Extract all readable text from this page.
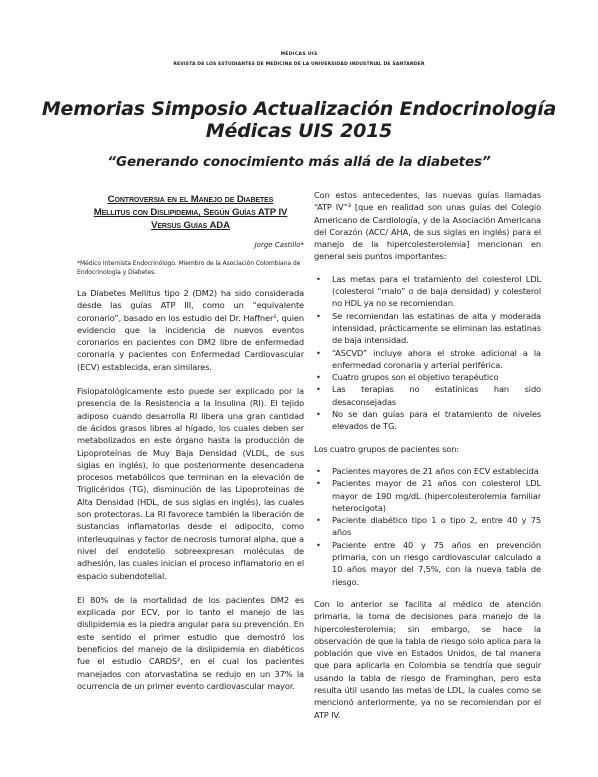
MÉDICAS UIS
REVISTA DE LOS ESTUDIANTES DE MEDICINA DE LA UNIVERSIDAD INDUSTRIAL DE SANTANDER
Memorias Simposio Actualización Endocrinología
Médicas UIS 2015
“Generando conocimiento más allá de la diabetes”
Controversia en el Manejo de Diabetes
Mellitus con Dislipidemia, Según Guías ATP IV
Versus Guías ADA

Jorge Castillo*

*Médico Internista Endocrinólogo. Miembro de la Asociación Colombiana de Endocrinología y Diabetes.

La Diabetes Mellitus tipo 2 (DM2) ha sido considerada desde las guías ATP III, como un “equivalente coronario”, basado en los estudio del Dr. Haffner¹, quien evidencio que la incidencia de nuevos eventos coronarios en pacientes con DM2 libre de enfermedad coronaria y pacientes con Enfermedad Cardiovascular (ECV) establecida, eran similares.

Fisiopatológicamente esto puede ser explicado por la presencia de la Resistencia a la Insulina (RI). El tejido adiposo cuando desarrolla RI libera una gran cantidad de ácidos grasos libres al hígado, los cuales deben ser metabolizados en este órgano hasta la producción de Lipoproteínas de Muy Baja Densidad (VLDL, de sus siglas en inglés), lo que posteriormente desencadena procesos metabólicos que terminan en la elevación de Triglicéridos (TG), disminución de las Lipoproteínas de Alta Densidad (HDL, de sus siglas en inglés), las cuales son protectoras. La RI favorece también la liberación de sustancias inflamatorias desde el adipocito, como interleuquinas y factor de necrosis tumoral alpha, que a nivel del endotelio sobreexpresan moléculas de adhesión, las cuales inician el proceso inflamatorio en el espacio subendotelial.

El 80% de la mortalidad de los pacientes DM2 es explicada por ECV, por lo tanto el manejo de las dislipidemia es la piedra angular para su prevención. En este sentido el primer estudio que demostró los beneficios del manejo de la dislipidemia en diabéticos fue el estudio CARDS², en el cual los pacientes manejados con atorvastatina se redujo en un 37% la ocurrencia de un primer evento cardiovascular mayor.

Con estos antecedentes, las nuevas guías llamadas “ATP IV”³ [que en realidad son unas guías del Colegio Americano de Cardiología, y de la Asociación Americana del Corazón (ACC/ AHA, de sus siglas en inglés) para el manejo de la hipercolesterolemia] mencionan en general seis puntos importantes:

• Las metas para el tratamiento del colesterol LDL (colesterol “malo” o de baja densidad) y colesterol no HDL ya no se recomiendan.
• Se recomiendan las estatinas de alta y moderada intensidad, prácticamente se eliminan las estatinas de baja intensidad.
• “ASCVD” incluye ahora el stroke adicional a la enfermedad coronaria y arterial periférica.
• Cuatro grupos son el objetivo terapéutico
• Las terapias no estatínicas han sido desaconsejadas
• No se dan guías para el tratamiento de niveles elevados de TG.

Los cuatro grupos de pacientes son:

• Pacientes mayores de 21 años con ECV establecida
• Pacientes mayor de 21 años con colesterol LDL mayor de 190 mg/dL (hipercolesterolemia familiar heterocigota)
• Paciente diabético tipo 1 o tipo 2, entre 40 y 75 años
• Paciente entre 40 y 75 años en prevención primaria, con un riesgo cardiovascular calculado a 10 años mayor del 7,5%, con la nueva tabla de riesgo.

Con lo anterior se facilita al médico de atención primaria, la toma de decisiones para manejo de la hipercolesterolemia; sin embargo, se hace la observación de que la tabla de riesgo solo aplica para la población que vive en Estados Unidos, de tal manera que para aplicarla en Colombia se tendría que seguir usando la tabla de riesgo de Framinghan, pero esta resulta útil usando las metas de LDL, la cuales como se mencionó anteriormente, ya no se recomiendan por el ATP IV.
